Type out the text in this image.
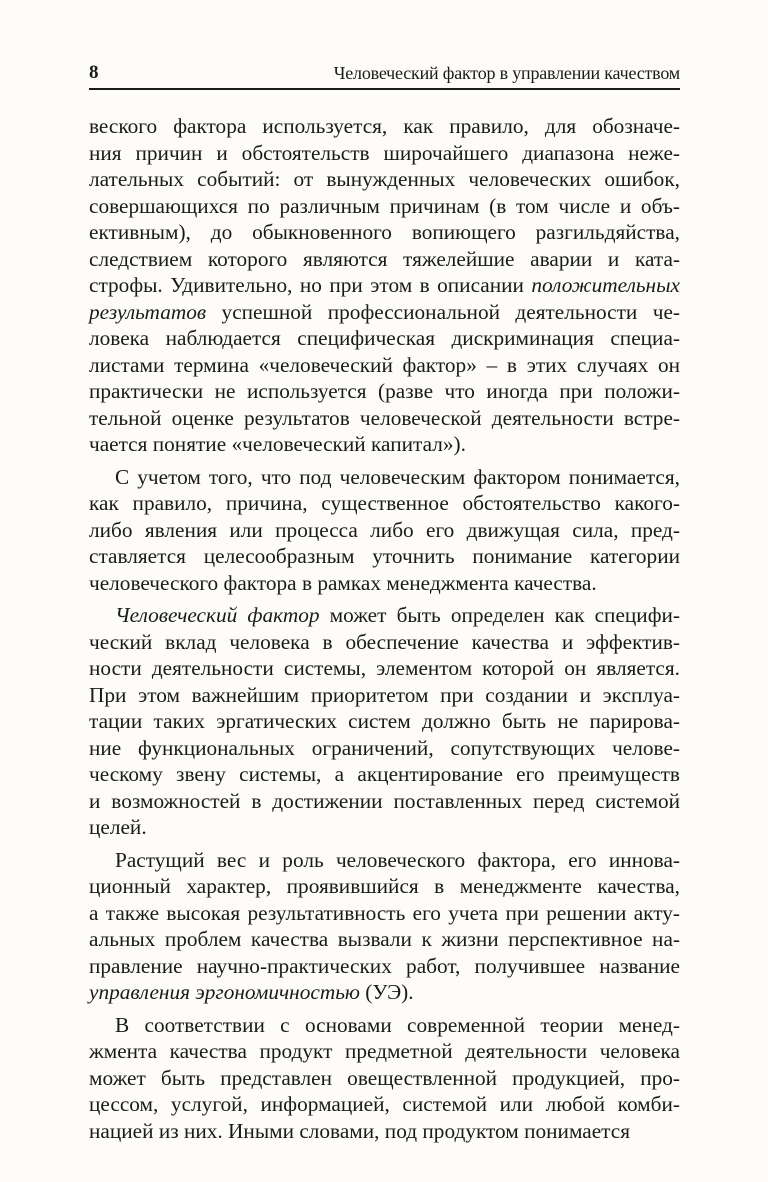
8	Человеческий фактор в управлении качеством

веского фактора используется, как правило, для обозначе-
ния причин и обстоятельств широчайшего диапазона неже-
лательных событий: от вынужденных человеческих ошибок,
совершающихся по различным причинам (в том числе и объ-
ективным), до обыкновенного вопиющего разгильдяйства,
следствием которого являются тяжелейшие аварии и ката-
строфы. Удивительно, но при этом в описании положительных
результатов успешной профессиональной деятельности че-
ловека наблюдается специфическая дискриминация специа-
листами термина «человеческий фактор» – в этих случаях он
практически не используется (разве что иногда при положи-
тельной оценке результатов человеческой деятельности встре-
чается понятие «человеческий капитал»).

С учетом того, что под человеческим фактором понимается,
как правило, причина, существенное обстоятельство какого-
либо явления или процесса либо его движущая сила, пред-
ставляется целесообразным уточнить понимание категории
человеческого фактора в рамках менеджмента качества.

Человеческий фактор может быть определен как специфи-
ческий вклад человека в обеспечение качества и эффектив-
ности деятельности системы, элементом которой он является.
При этом важнейшим приоритетом при создании и эксплуа-
тации таких эргатических систем должно быть не парирова-
ние функциональных ограничений, сопутствующих челове-
ческому звену системы, а акцентирование его преимуществ
и возможностей в достижении поставленных перед системой
целей.

Растущий вес и роль человеческого фактора, его иннова-
ционный характер, проявившийся в менеджменте качества,
а также высокая результативность его учета при решении акту-
альных проблем качества вызвали к жизни перспективное на-
правление научно-практических работ, получившее название
управления эргономичностью (УЭ).

В соответствии с основами современной теории менед-
жмента качества продукт предметной деятельности человека
может быть представлен овеществленной продукцией, про-
цессом, услугой, информацией, системой или любой комби-
нацией из них. Иными словами, под продуктом понимается
